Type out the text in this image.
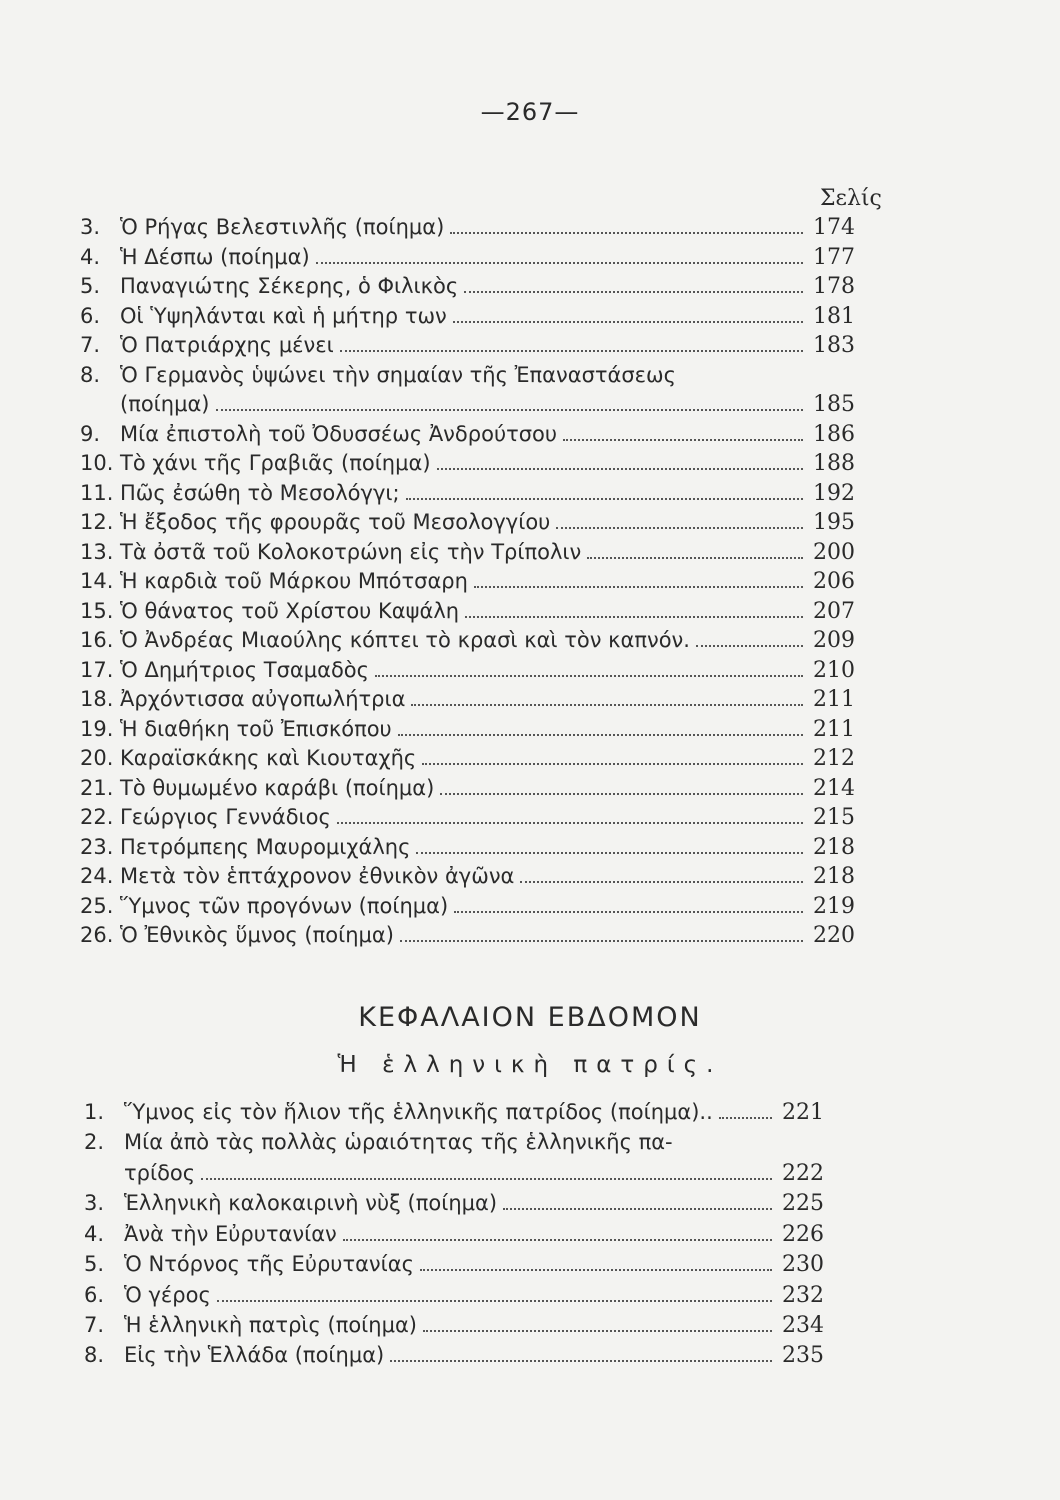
—267—
Σελίς
3. Ὁ Ρήγας Βελεστινλῆς (ποίημα)	174
4. Ἡ Δέσπω (ποίημα)	177
5. Παναγιώτης Σέκερης, ὁ Φιλικὸς	178
6. Οἱ Ὑψηλάνται καὶ ἡ μήτηρ των	181
7. Ὁ Πατριάρχης μένει	183
8. Ὁ Γερμανὸς ὑψώνει τὴν σημαίαν τῆς Ἐπαναστάσεως
(ποίημα)	185
9. Μία ἐπιστολὴ τοῦ Ὀδυσσέως Ἀνδρούτσου	186
10. Τὸ χάνι τῆς Γραβιᾶς (ποίημα)	188
11. Πῶς ἐσώθη τὸ Μεσολόγγι;	192
12. Ἡ ἔξοδος τῆς φρουρᾶς τοῦ Μεσολογγίου	195
13. Τὰ ὀστᾶ τοῦ Κολοκοτρώνη εἰς τὴν Τρίπολιν	200
14. Ἡ καρδιὰ τοῦ Μάρκου Μπότσαρη	206
15. Ὁ θάνατος τοῦ Χρίστου Καψάλη	207
16. Ὁ Ἀνδρέας Μιαούλης κόπτει τὸ κρασὶ καὶ τὸν καπνόν.	209
17. Ὁ Δημήτριος Τσαμαδὸς	210
18. Ἀρχόντισσα αὐγοπωλήτρια	211
19. Ἡ διαθήκη τοῦ Ἐπισκόπου	211
20. Καραϊσκάκης καὶ Κιουταχῆς	212
21. Τὸ θυμωμένο καράβι (ποίημα)	214
22. Γεώργιος Γεννάδιος	215
23. Πετρόμπεης Μαυρομιχάλης	218
24. Μετὰ τὸν ἑπτάχρονον ἐθνικὸν ἀγῶνα	218
25. Ὕμνος τῶν προγόνων (ποίημα)	219
26. Ὁ Ἐθνικὸς ὕμνος (ποίημα)	220
ΚΕΦΑΛΑΙΟΝ ΕΒΔΟΜΟΝ
Ἡ ἑλληνικὴ πατρίς.
1. Ὕμνος εἰς τὸν ἥλιον τῆς ἑλληνικῆς πατρίδος (ποίημα)..	221
2. Μία ἀπὸ τὰς πολλὰς ὡραιότητας τῆς ἑλληνικῆς πα-
τρίδος	222
3. Ἑλληνικὴ καλοκαιρινὴ νὺξ (ποίημα)	225
4. Ἀνὰ τὴν Εὐρυτανίαν	226
5. Ὁ Ντόρνος τῆς Εὐρυτανίας	230
6. Ὁ γέρος	232
7. Ἡ ἑλληνικὴ πατρὶς (ποίημα)	234
8. Εἰς τὴν Ἑλλάδα (ποίημα)	235
